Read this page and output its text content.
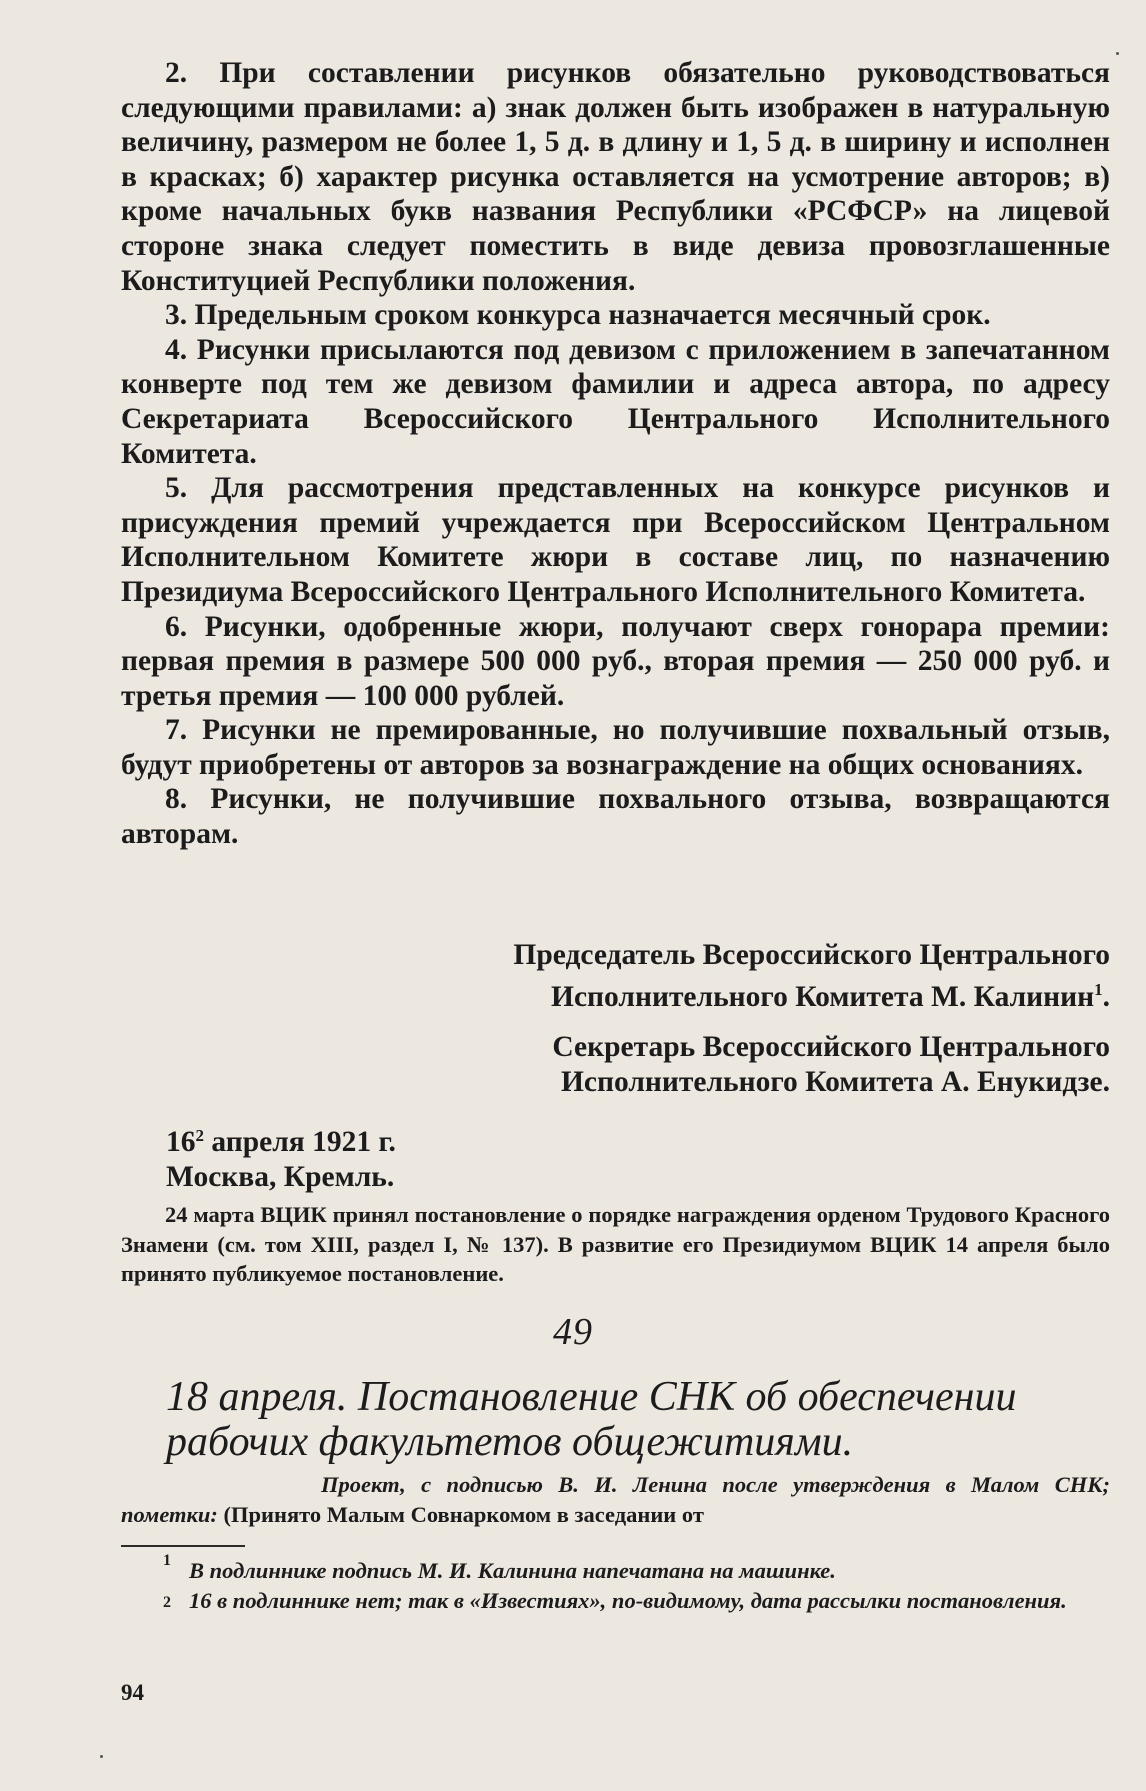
2. При составлении рисунков обязательно руководствоваться следующими правилами: а) знак должен быть изображен в натуральную величину, размером не более 1, 5 д. в длину и 1, 5 д. в ширину и исполнен в красках; б) характер рисунка оставляется на усмотрение авторов; в) кроме начальных букв названия Республики «РСФСР» на лицевой стороне знака следует поместить в виде девиза провозглашенные Конституцией Республики положения.

3. Предельным сроком конкурса назначается месячный срок.

4. Рисунки присылаются под девизом с приложением в запечатанном конверте под тем же девизом фамилии и адреса автора, по адресу Секретариата Всероссийского Центрального Исполнительного Комитета.

5. Для рассмотрения представленных на конкурсе рисунков и присуждения премий учреждается при Всероссийском Центральном Исполнительном Комитете жюри в составе лиц, по назначению Президиума Всероссийского Центрального Исполнительного Комитета.

6. Рисунки, одобренные жюри, получают сверх гонорара премии: первая премия в размере 500 000 руб., вторая премия — 250 000 руб. и третья премия — 100 000 рублей.

7. Рисунки не премированные, но получившие похвальный отзыв, будут приобретены от авторов за вознаграждение на общих основаниях.

8. Рисунки, не получившие похвального отзыва, возвращаются авторам.

Председатель Всероссийского Центрального
Исполнительного Комитета М. Калинин$^1$.
Секретарь Всероссийского Центрального
Исполнительного Комитета А. Енукидзе.
$16^2$ апреля 1921 г.
Москва, Кремль.

24 марта ВЦИК принял постановление о порядке награждения орденом Трудового Красного Знамени (см. том XIII, раздел I, № 137). В развитие его Президиумом ВЦИК 14 апреля было принято публикуемое постановление.

49
18 апреля. Постановление СНК об обеспечении
рабочих факультетов общежитиями.

Проект, с подписью В. И. Ленина после утверждения в Малом СНК; пометки: (Принято Малым Совнаркомом в заседании от

1 В подлиннике подпись М. И. Калинина напечатана на машинке.
2 16 в подлиннике нет; так в «Известиях», по-видимому, дата рассылки постановления.
94
